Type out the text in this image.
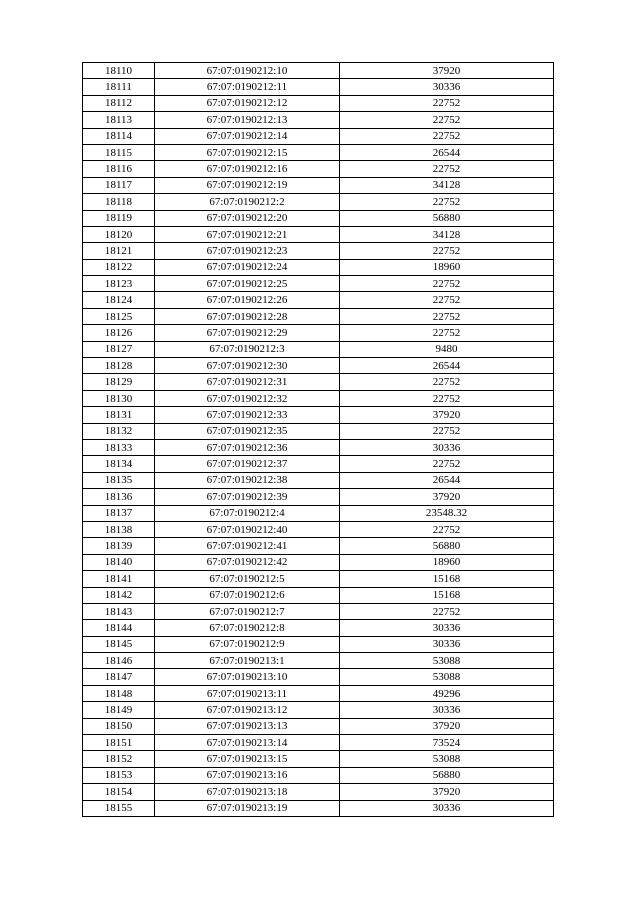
18110	67:07:0190212:10	37920
18111	67:07:0190212:11	30336
18112	67:07:0190212:12	22752
18113	67:07:0190212:13	22752
18114	67:07:0190212:14	22752
18115	67:07:0190212:15	26544
18116	67:07:0190212:16	22752
18117	67:07:0190212:19	34128
18118	67:07:0190212:2	22752
18119	67:07:0190212:20	56880
18120	67:07:0190212:21	34128
18121	67:07:0190212:23	22752
18122	67:07:0190212:24	18960
18123	67:07:0190212:25	22752
18124	67:07:0190212:26	22752
18125	67:07:0190212:28	22752
18126	67:07:0190212:29	22752
18127	67:07:0190212:3	9480
18128	67:07:0190212:30	26544
18129	67:07:0190212:31	22752
18130	67:07:0190212:32	22752
18131	67:07:0190212:33	37920
18132	67:07:0190212:35	22752
18133	67:07:0190212:36	30336
18134	67:07:0190212:37	22752
18135	67:07:0190212:38	26544
18136	67:07:0190212:39	37920
18137	67:07:0190212:4	23548.32
18138	67:07:0190212:40	22752
18139	67:07:0190212:41	56880
18140	67:07:0190212:42	18960
18141	67:07:0190212:5	15168
18142	67:07:0190212:6	15168
18143	67:07:0190212:7	22752
18144	67:07:0190212:8	30336
18145	67:07:0190212:9	30336
18146	67:07:0190213:1	53088
18147	67:07:0190213:10	53088
18148	67:07:0190213:11	49296
18149	67:07:0190213:12	30336
18150	67:07:0190213:13	37920
18151	67:07:0190213:14	73524
18152	67:07:0190213:15	53088
18153	67:07:0190213:16	56880
18154	67:07:0190213:18	37920
18155	67:07:0190213:19	30336
